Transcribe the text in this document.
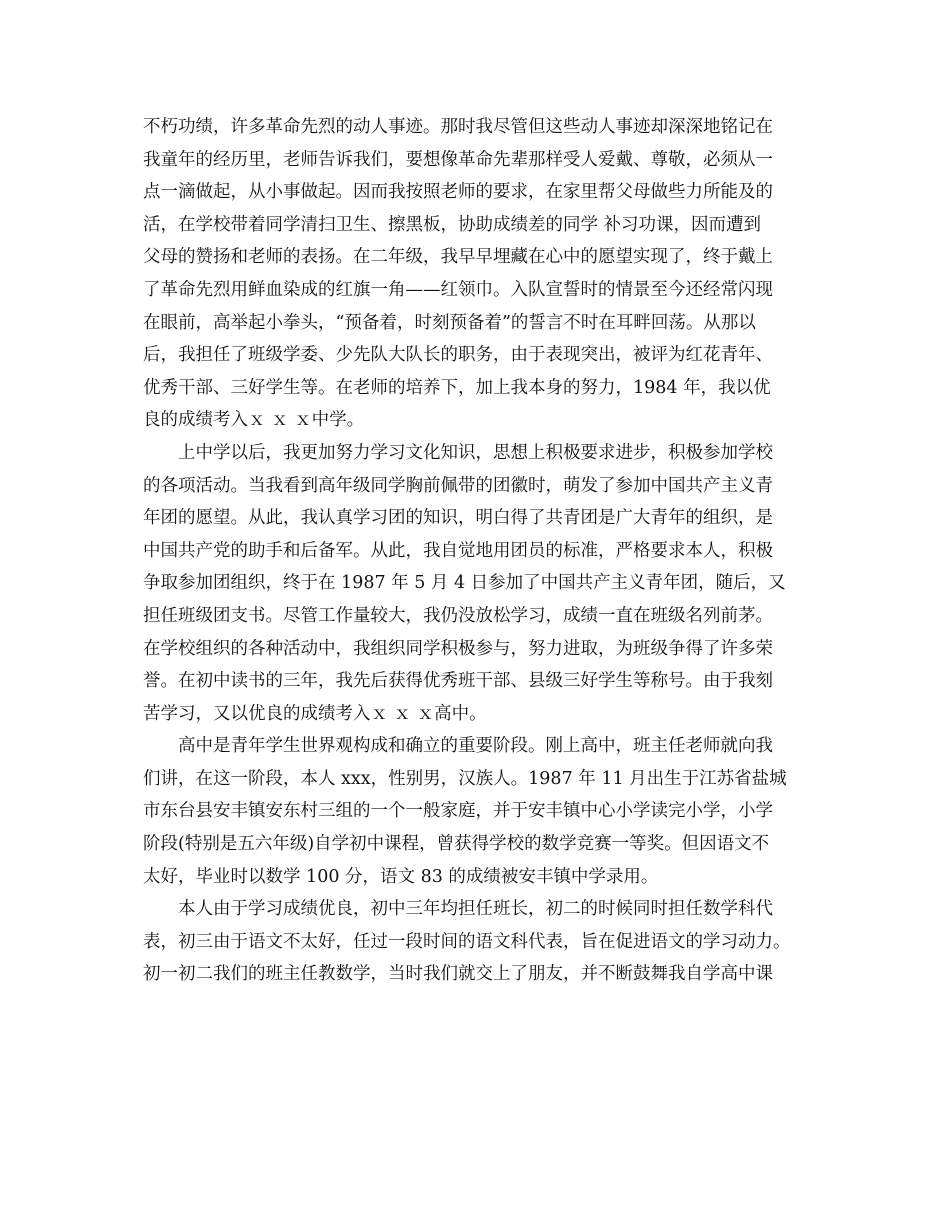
不朽功绩，许多革命先烈的动人事迹。那时我尽管但这些动人事迹却深深地铭记在
我童年的经历里，老师告诉我们，要想像革命先辈那样受人爱戴、尊敬，必须从一
点一滴做起，从小事做起。因而我按照老师的要求，在家里帮父母做些力所能及的
活，在学校带着同学清扫卫生、擦黑板，协助成绩差的同学 补习功课，因而遭到
父母的赞扬和老师的表扬。在二年级，我早早埋藏在心中的愿望实现了，终于戴上
了革命先烈用鲜血染成的红旗一角——红领巾。入队宣誓时的情景至今还经常闪现
在眼前，高举起小拳头，“预备着，时刻预备着”的誓言不时在耳畔回荡。从那以
后，我担任了班级学委、少先队大队长的职务，由于表现突出，被评为红花青年、
优秀干部、三好学生等。在老师的培养下，加上我本身的努力，1984 年，我以优
良的成绩考入ｘ ｘ ｘ中学。
上中学以后，我更加努力学习文化知识，思想上积极要求进步，积极参加学校
的各项活动。当我看到高年级同学胸前佩带的团徽时，萌发了参加中国共产主义青
年团的愿望。从此，我认真学习团的知识，明白得了共青团是广大青年的组织，是
中国共产党的助手和后备军。从此，我自觉地用团员的标准，严格要求本人，积极
争取参加团组织，终于在 1987 年 5 月 4 日参加了中国共产主义青年团，随后，又
担任班级团支书。尽管工作量较大，我仍没放松学习，成绩一直在班级名列前茅。
在学校组织的各种活动中，我组织同学积极参与，努力进取，为班级争得了许多荣
誉。在初中读书的三年，我先后获得优秀班干部、县级三好学生等称号。由于我刻
苦学习，又以优良的成绩考入ｘ ｘ ｘ高中。
高中是青年学生世界观构成和确立的重要阶段。刚上高中，班主任老师就向我
们讲，在这一阶段，本人 xxx，性别男，汉族人。1987 年 11 月出生于江苏省盐城
市东台县安丰镇安东村三组的一个一般家庭，并于安丰镇中心小学读完小学，小学
阶段(特别是五六年级)自学初中课程，曾获得学校的数学竞赛一等奖。但因语文不
太好，毕业时以数学 100 分，语文 83 的成绩被安丰镇中学录用。
本人由于学习成绩优良，初中三年均担任班长，初二的时候同时担任数学科代
表，初三由于语文不太好，任过一段时间的语文科代表，旨在促进语文的学习动力。
初一初二我们的班主任教数学，当时我们就交上了朋友，并不断鼓舞我自学高中课
